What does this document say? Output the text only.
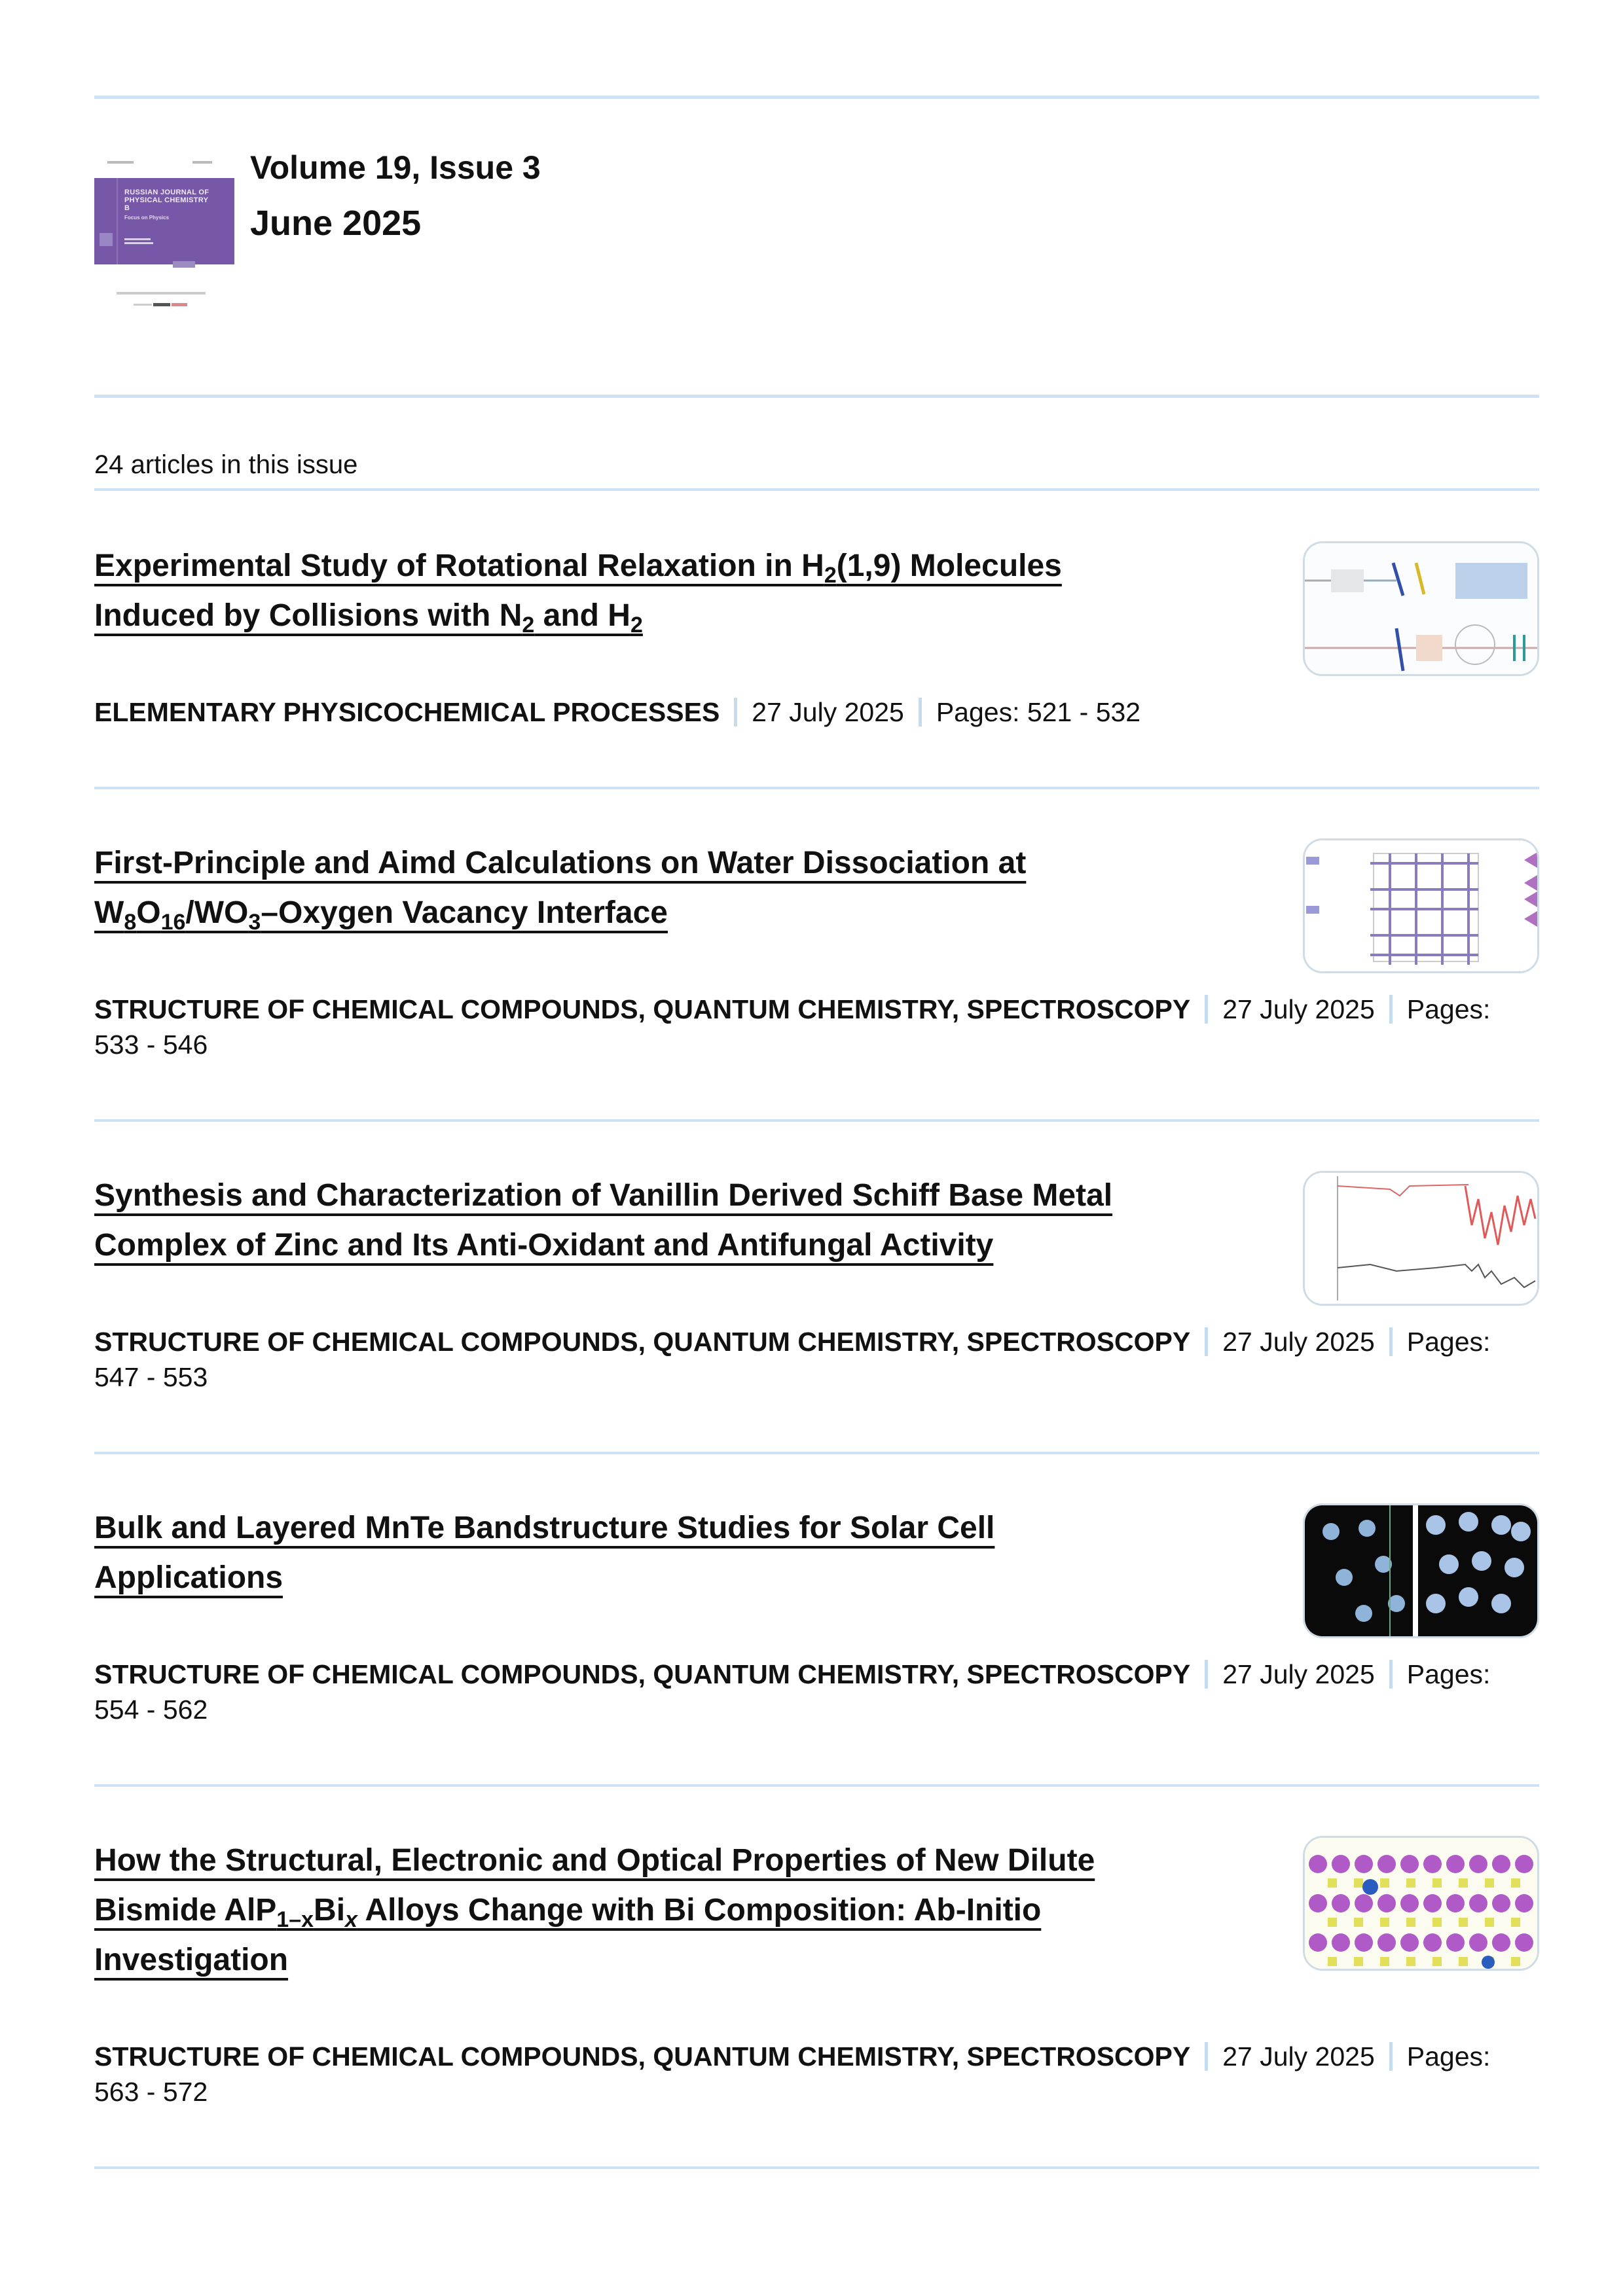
RUSSIAN JOURNAL OF PHYSICAL CHEMISTRY B
Focus on Physics
Volume 19, Issue 3
June 2025
24 articles in this issue
Experimental Study of Rotational Relaxation in $H_2(1,9)$ Molecules Induced by Collisions with $N_2$ and $H_2$
ELEMENTARY PHYSICOCHEMICAL PROCESSES 27 July 2025 Pages: 521 - 532
First-Principle and Aimd Calculations on Water Dissociation at $W_8O_{16}/WO_3$–Oxygen Vacancy Interface
STRUCTURE OF CHEMICAL COMPOUNDS, QUANTUM CHEMISTRY, SPECTROSCOPY 27 July 2025 Pages: 533 - 546
Synthesis and Characterization of Vanillin Derived Schiff Base Metal Complex of Zinc and Its Anti-Oxidant and Antifungal Activity
STRUCTURE OF CHEMICAL COMPOUNDS, QUANTUM CHEMISTRY, SPECTROSCOPY 27 July 2025 Pages: 547 - 553
Bulk and Layered MnTe Bandstructure Studies for Solar Cell Applications
STRUCTURE OF CHEMICAL COMPOUNDS, QUANTUM CHEMISTRY, SPECTROSCOPY 27 July 2025 Pages: 554 - 562
How the Structural, Electronic and Optical Properties of New Dilute Bismide $AlP_{1-x}Bi_x$ Alloys Change with Bi Composition: Ab-Initio Investigation
STRUCTURE OF CHEMICAL COMPOUNDS, QUANTUM CHEMISTRY, SPECTROSCOPY 27 July 2025 Pages: 563 - 572
